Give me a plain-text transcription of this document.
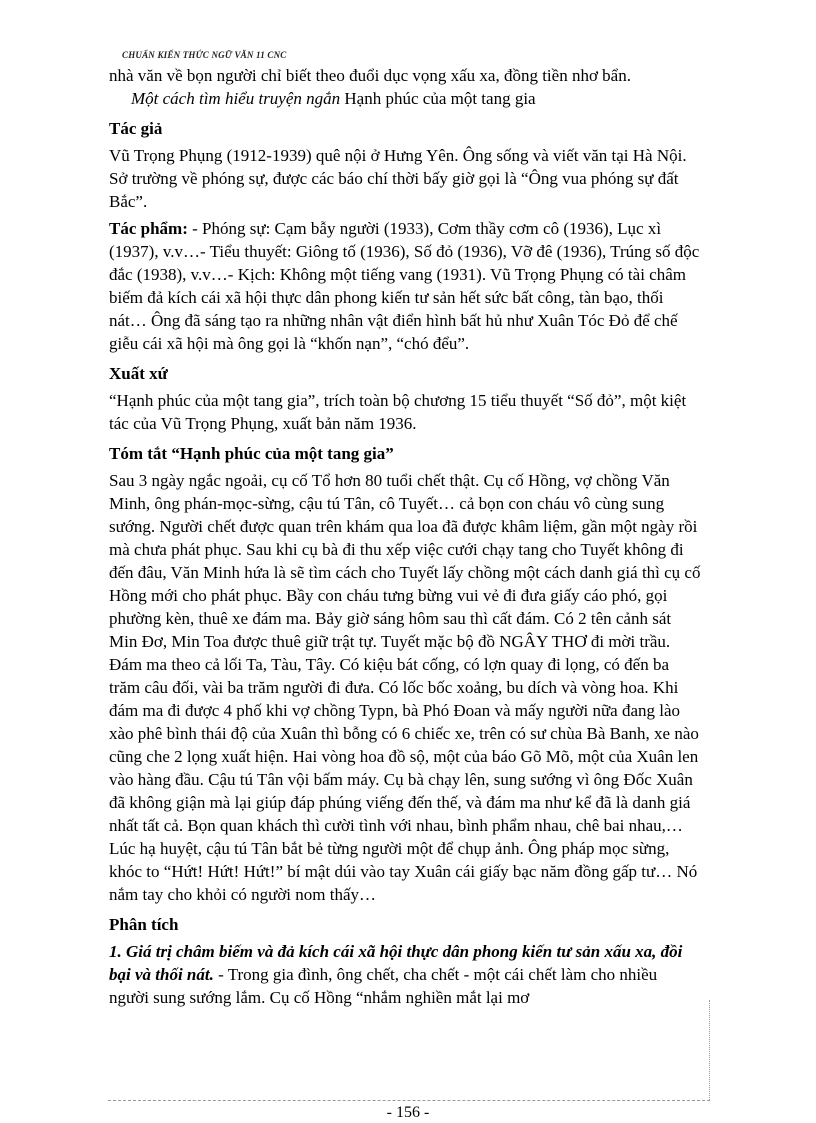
CHUẨN KIẾN THỨC NGỮ VĂN 11 CNC

nhà văn về bọn người chỉ biết theo đuổi dục vọng xấu xa, đồng tiền nhơ bẩn.

Một cách tìm hiểu truyện ngắn Hạnh phúc của một tang gia

Tác giả

Vũ Trọng Phụng (1912-1939) quê nội ở Hưng Yên. Ông sống và viết văn tại Hà Nội. Sở trường về phóng sự, được các báo chí thời bấy giờ gọi là “Ông vua phóng sự đất Bắc”.

Tác phẩm: - Phóng sự: Cạm bẫy người (1933), Cơm thầy cơm cô (1936), Lục xì (1937), v.v…- Tiểu thuyết: Giông tố (1936), Số đỏ (1936), Vỡ đê (1936), Trúng số độc đắc (1938), v.v…- Kịch: Không một tiếng vang (1931). Vũ Trọng Phụng có tài châm biếm đả kích cái xã hội thực dân phong kiến tư sản hết sức bất công, tàn bạo, thối nát… Ông đã sáng tạo ra những nhân vật điển hình bất hủ như Xuân Tóc Đỏ để chế giễu cái xã hội mà ông gọi là “khốn nạn”, “chó đểu”.

Xuất xứ

“Hạnh phúc của một tang gia”, trích toàn bộ chương 15 tiểu thuyết “Số đỏ”, một kiệt tác của Vũ Trọng Phụng, xuất bản năm 1936.

Tóm tắt “Hạnh phúc của một tang gia”

Sau 3 ngày ngắc ngoải, cụ cố Tổ hơn 80 tuổi chết thật. Cụ cố Hồng, vợ chồng Văn Minh, ông phán-mọc-sừng, cậu tú Tân, cô Tuyết… cả bọn con cháu vô cùng sung sướng. Người chết được quan trên khám qua loa đã được khâm liệm, gần một ngày rồi mà chưa phát phục. Sau khi cụ bà đi thu xếp việc cưới chạy tang cho Tuyết không đi đến đâu, Văn Minh hứa là sẽ tìm cách cho Tuyết lấy chồng một cách danh giá thì cụ cố Hồng mới cho phát phục. Bầy con cháu tưng bừng vui vẻ đi đưa giấy cáo phó, gọi phường kèn, thuê xe đám ma. Bảy giờ sáng hôm sau thì cất đám. Có 2 tên cảnh sát Min Đơ, Min Toa được thuê giữ trật tự. Tuyết mặc bộ đồ NGÂY THƠ đi mời trầu. Đám ma theo cả lối Ta, Tàu, Tây. Có kiệu bát cống, có lợn quay đi lọng, có đến ba trăm câu đối, vài ba trăm người đi đưa. Có lốc bốc xoảng, bu dích và vòng hoa. Khi đám ma đi được 4 phố khi vợ chồng Typn, bà Phó Đoan và mấy người nữa đang lào xào phê bình thái độ của Xuân thì bỗng có 6 chiếc xe, trên có sư chùa Bà Banh, xe nào cũng che 2 lọng xuất hiện. Hai vòng hoa đồ sộ, một của báo Gõ Mõ, một của Xuân len vào hàng đầu. Cậu tú Tân vội bấm máy. Cụ bà chạy lên, sung sướng vì ông Đốc Xuân đã không giận mà lại giúp đáp phúng viếng đến thế, và đám ma như kể đã là danh giá nhất tất cả. Bọn quan khách thì cười tình với nhau, bình phẩm nhau, chê bai nhau,… Lúc hạ huyệt, cậu tú Tân bắt bẻ từng người một để chụp ảnh. Ông pháp mọc sừng, khóc to “Hứt! Hứt! Hứt!” bí mật dúi vào tay Xuân cái giấy bạc năm đồng gấp tư… Nó nắm tay cho khỏi có người nom thấy…

Phân tích

1. Giá trị châm biếm và đả kích cái xã hội thực dân phong kiến tư sản xấu xa, đồi bại và thối nát. - Trong gia đình, ông chết, cha chết - một cái chết làm cho nhiều người sung sướng lắm. Cụ cố Hồng “nhắm nghiền mắt lại mơ

- 156 -
